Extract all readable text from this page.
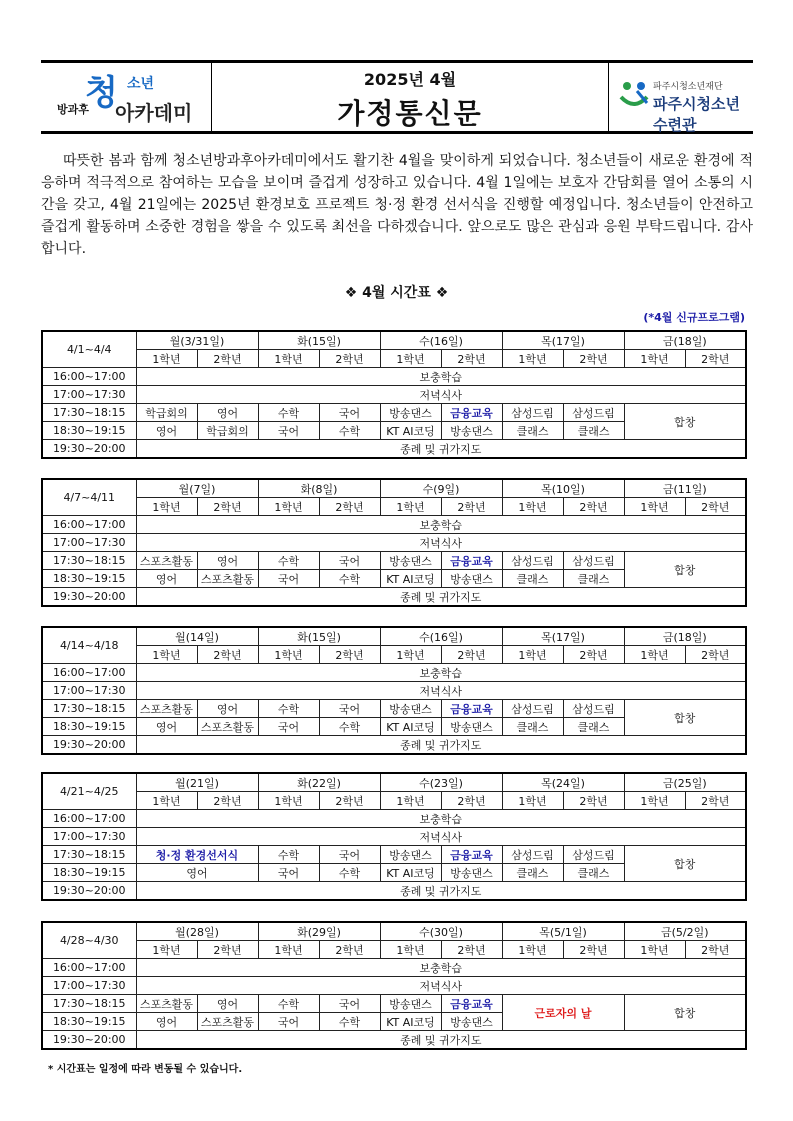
방과후
청 소년
아카데미
2025년 4월
가정통신문
파주시청소년재단
파주시청소년수련관
따뜻한 봄과 함께 청소년방과후아카데미에서도 활기찬 4월을 맞이하게 되었습니다. 청소년들이 새로운 환경에 적응하며 적극적으로 참여하는 모습을 보이며 즐겁게 성장하고 있습니다. 4월 1일에는 보호자 간담회를 열어 소통의 시간을 갖고, 4월 21일에는 2025년 환경보호 프로젝트 청·정 환경 선서식을 진행할 예정입니다. 청소년들이 안전하고 즐겁게 활동하며 소중한 경험을 쌓을 수 있도록 최선을 다하겠습니다. 앞으로도 많은 관심과 응원 부탁드립니다. 감사합니다.
❖ 4월 시간표 ❖
(*4월 신규프로그램)
4/1~4/4	월(3/31일)		화(15일)		수(16일)		목(17일)		금(18일)	
	1학년	2학년	1학년	2학년	1학년	2학년	1학년	2학년	1학년	2학년
16:00~17:00	보충학습									
17:00~17:30	저녁식사									
17:30~18:15	학급회의	영어	수학	국어	방송댄스	금융교육	삼성드림	삼성드림	합창	
18:30~19:15	영어	학급회의	국어	수학	KT AI코딩	방송댄스	클래스	클래스		
19:30~20:00	종례 및 귀가지도									
4/7~4/11	월(7일)		화(8일)		수(9일)		목(10일)		금(11일)	
	1학년	2학년	1학년	2학년	1학년	2학년	1학년	2학년	1학년	2학년
16:00~17:00	보충학습									
17:00~17:30	저녁식사									
17:30~18:15	스포츠활동	영어	수학	국어	방송댄스	금융교육	삼성드림	삼성드림	합창	
18:30~19:15	영어	스포츠활동	국어	수학	KT AI코딩	방송댄스	클래스	클래스		
19:30~20:00	종례 및 귀가지도									
4/14~4/18	월(14일)		화(15일)		수(16일)		목(17일)		금(18일)	
	1학년	2학년	1학년	2학년	1학년	2학년	1학년	2학년	1학년	2학년
16:00~17:00	보충학습									
17:00~17:30	저녁식사									
17:30~18:15	스포츠활동	영어	수학	국어	방송댄스	금융교육	삼성드림	삼성드림	합창	
18:30~19:15	영어	스포츠활동	국어	수학	KT AI코딩	방송댄스	클래스	클래스		
19:30~20:00	종례 및 귀가지도									
4/21~4/25	월(21일)		화(22일)		수(23일)		목(24일)		금(25일)	
	1학년	2학년	1학년	2학년	1학년	2학년	1학년	2학년	1학년	2학년
16:00~17:00	보충학습									
17:00~17:30	저녁식사									
17:30~18:15	청·정 환경선서식		수학	국어	방송댄스	금융교육	삼성드림	삼성드림	합창	
18:30~19:15	영어		국어	수학	KT AI코딩	방송댄스	클래스	클래스		
19:30~20:00	종례 및 귀가지도									
4/28~4/30	월(28일)		화(29일)		수(30일)		목(5/1일)		금(5/2일)	
	1학년	2학년	1학년	2학년	1학년	2학년	1학년	2학년	1학년	2학년
16:00~17:00	보충학습									
17:00~17:30	저녁식사									
17:30~18:15	스포츠활동	영어	수학	국어	방송댄스	금융교육	근로자의 날		합창	
18:30~19:15	영어	스포츠활동	국어	수학	KT AI코딩	방송댄스				
19:30~20:00	종례 및 귀가지도									
* 시간표는 일정에 따라 변동될 수 있습니다.
